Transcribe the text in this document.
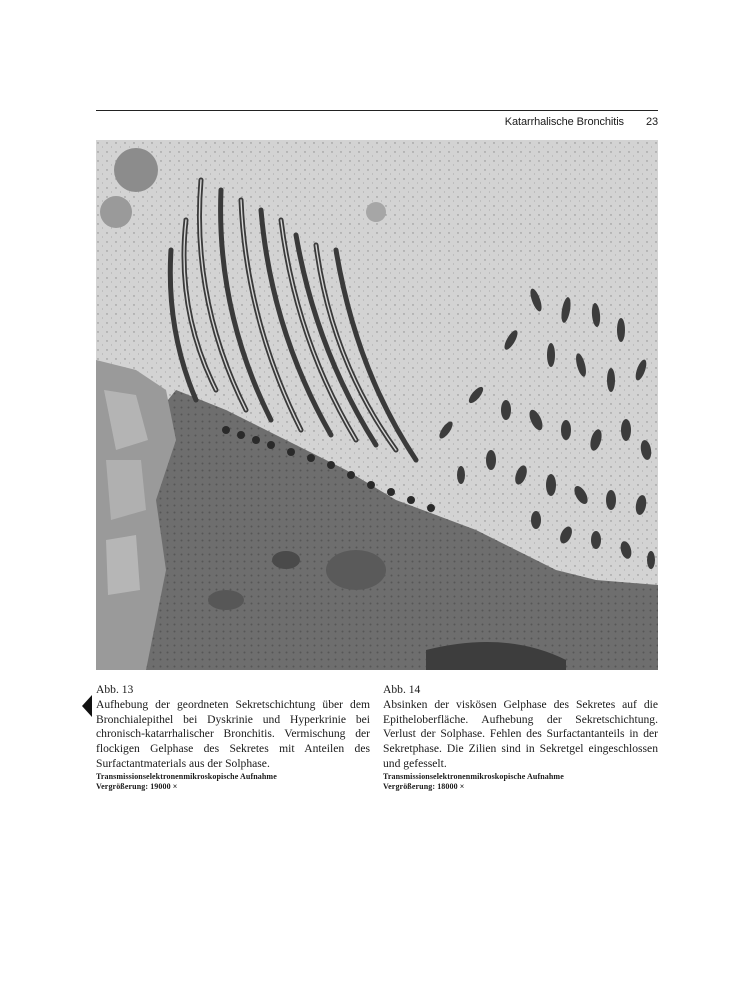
Katarrhalische Bronchitis 23
Abb. 13
Aufhebung der geordneten Sekretschichtung über dem Bronchialepithel bei Dyskrinie und Hyperkrinie bei chronisch-katarrhalischer Bronchitis. Vermischung der flockigen Gelphase des Sekretes mit Anteilen des Surfactantmaterials aus der Solphase.
Transmissionselektronenmikroskopische Aufnahme
Vergrößerung: 19000 ×
Abb. 14
Absinken der viskösen Gelphase des Sekretes auf die Epitheloberfläche. Aufhebung der Sekretschichtung. Verlust der Solphase. Fehlen des Surfactantanteils in der Sekretphase. Die Zilien sind in Sekretgel eingeschlossen und gefesselt.
Transmissionselektronenmikroskopische Aufnahme
Vergrößerung: 18000 ×
